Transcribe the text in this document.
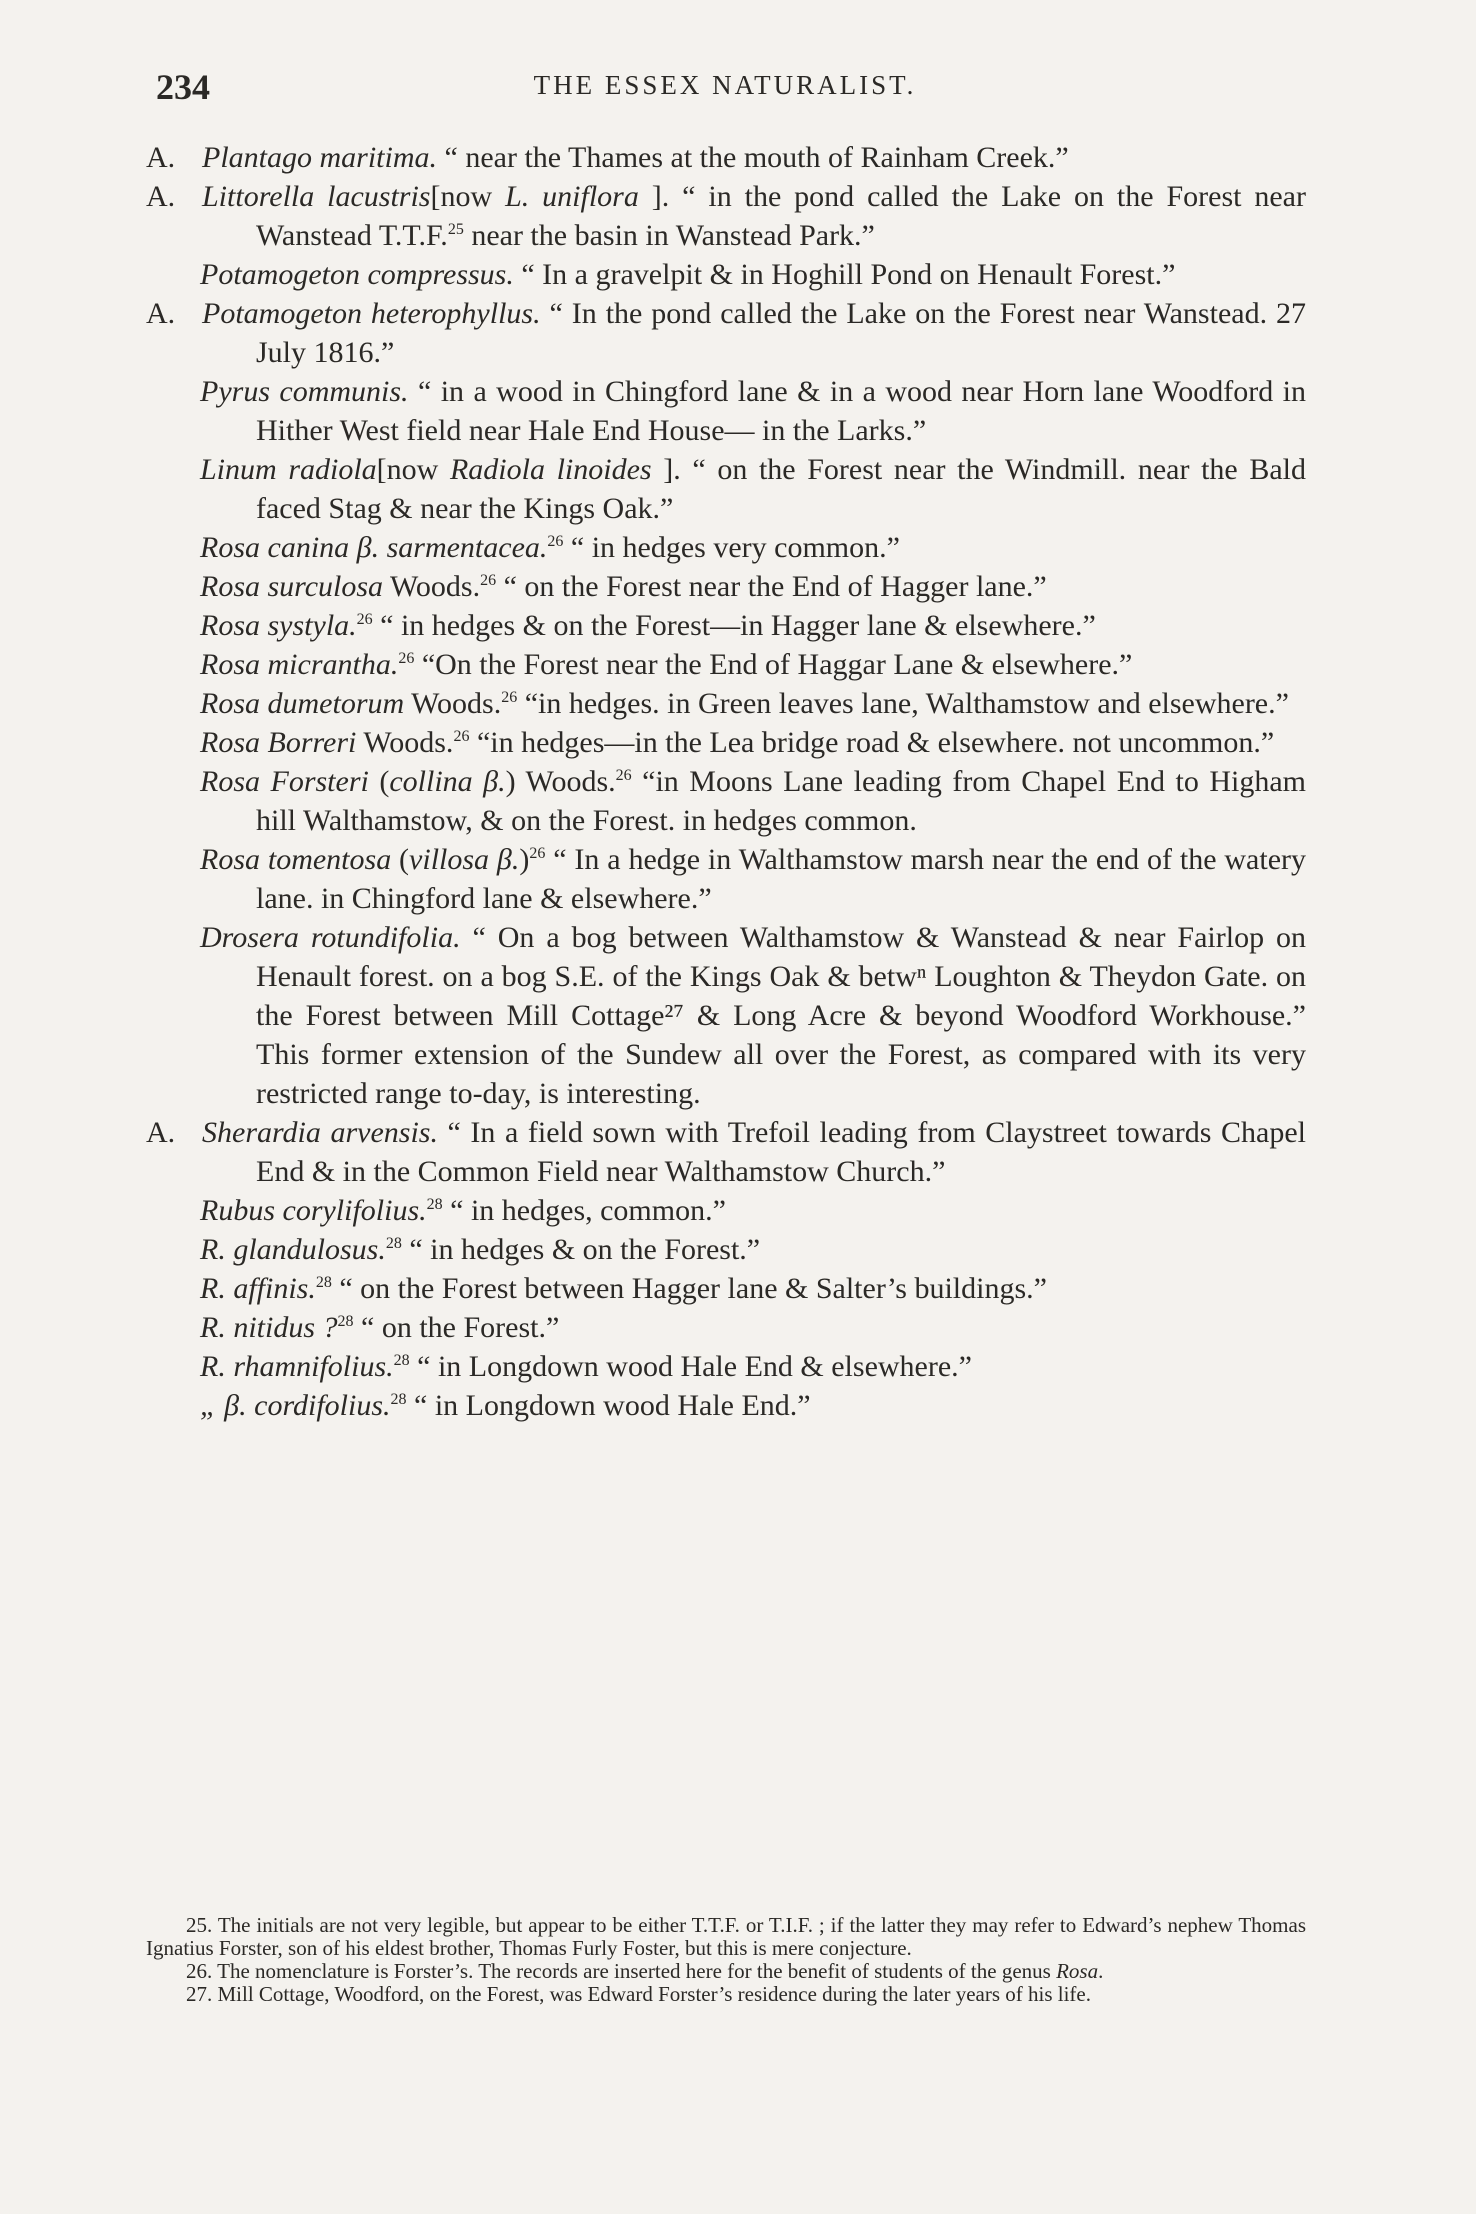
234	THE ESSEX NATURALIST.
A. Plantago maritima. “ near the Thames at the mouth of Rainham Creek.”
A. Littorella lacustris[now L. uniflora ]. “ in the pond called the Lake on the Forest near Wanstead T.T.F.$^{25}$ near the basin in Wanstead Park.”
Potamogeton compressus. “ In a gravelpit & in Hoghill Pond on Henault Forest.”
A. Potamogeton heterophyllus. “ In the pond called the Lake on the Forest near Wanstead. 27 July 1816.”
Pyrus communis. “ in a wood in Chingford lane & in a wood near Horn lane Woodford in Hither West field near Hale End House— in the Larks.”
Linum radiola[now Radiola linoides ]. “ on the Forest near the Windmill. near the Bald faced Stag & near the Kings Oak.”
Rosa canina β. sarmentacea.$^{26}$ “ in hedges very common.”
Rosa surculosa Woods.$^{26}$ “ on the Forest near the End of Hagger lane.”
Rosa systyla.$^{26}$ “ in hedges & on the Forest—in Hagger lane & elsewhere.”
Rosa micrantha.$^{26}$ “On the Forest near the End of Haggar Lane & elsewhere.”
Rosa dumetorum Woods.$^{26}$ “in hedges. in Green leaves lane, Walthamstow and elsewhere.”
Rosa Borreri Woods.$^{26}$ “in hedges—in the Lea bridge road & elsewhere. not uncommon.”
Rosa Forsteri (collina β.) Woods.$^{26}$ “in Moons Lane leading from Chapel End to Higham hill Walthamstow, & on the Forest. in hedges common.
Rosa tomentosa (villosa β.)$^{26}$ “ In a hedge in Walthamstow marsh near the end of the watery lane. in Chingford lane & elsewhere.”
Drosera rotundifolia. “ On a bog between Walthamstow & Wanstead & near Fairlop on Henault forest. on a bog S.E. of the Kings Oak & betwⁿ Loughton & Theydon Gate. on the Forest between Mill Cottage²⁷ & Long Acre & beyond Woodford Workhouse.” This former extension of the Sundew all over the Forest, as compared with its very restricted range to-day, is interesting.
A. Sherardia arvensis. “ In a field sown with Trefoil leading from Claystreet towards Chapel End & in the Common Field near Walthamstow Church.”
Rubus corylifolius.$^{28}$ “ in hedges, common.”
R. glandulosus.$^{28}$ “ in hedges & on the Forest.”
R. affinis.$^{28}$ “ on the Forest between Hagger lane & Salter’s buildings.”
R. nitidus ?$^{28}$ “ on the Forest.”
R. rhamnifolius.$^{28}$ “ in Longdown wood Hale End & elsewhere.”
„ β. cordifolius.$^{28}$ “ in Longdown wood Hale End.”

25. The initials are not very legible, but appear to be either T.T.F. or T.I.F. ; if the latter they may refer to Edward’s nephew Thomas Ignatius Forster, son of his eldest brother, Thomas Furly Foster, but this is mere conjecture.

26. The nomenclature is Forster’s. The records are inserted here for the benefit of students of the genus Rosa.

27. Mill Cottage, Woodford, on the Forest, was Edward Forster’s residence during the later years of his life.
